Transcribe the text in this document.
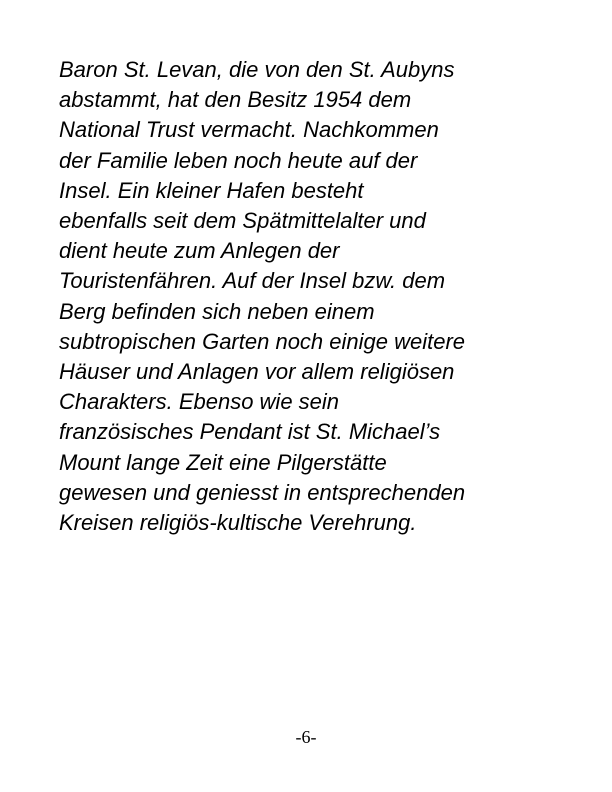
Baron St. Levan, die von den St. Aubyns
abstammt, hat den Besitz 1954 dem
National Trust vermacht. Nachkommen
der Familie leben noch heute auf der
Insel. Ein kleiner Hafen besteht
ebenfalls seit dem Spätmittelalter und
dient heute zum Anlegen der
Touristenfähren. Auf der Insel bzw. dem
Berg befinden sich neben einem
subtropischen Garten noch einige weitere
Häuser und Anlagen vor allem religiösen
Charakters. Ebenso wie sein
französisches Pendant ist St. Michael’s
Mount lange Zeit eine Pilgerstätte
gewesen und geniesst in entsprechenden
Kreisen religiös-kultische Verehrung.

-6-
